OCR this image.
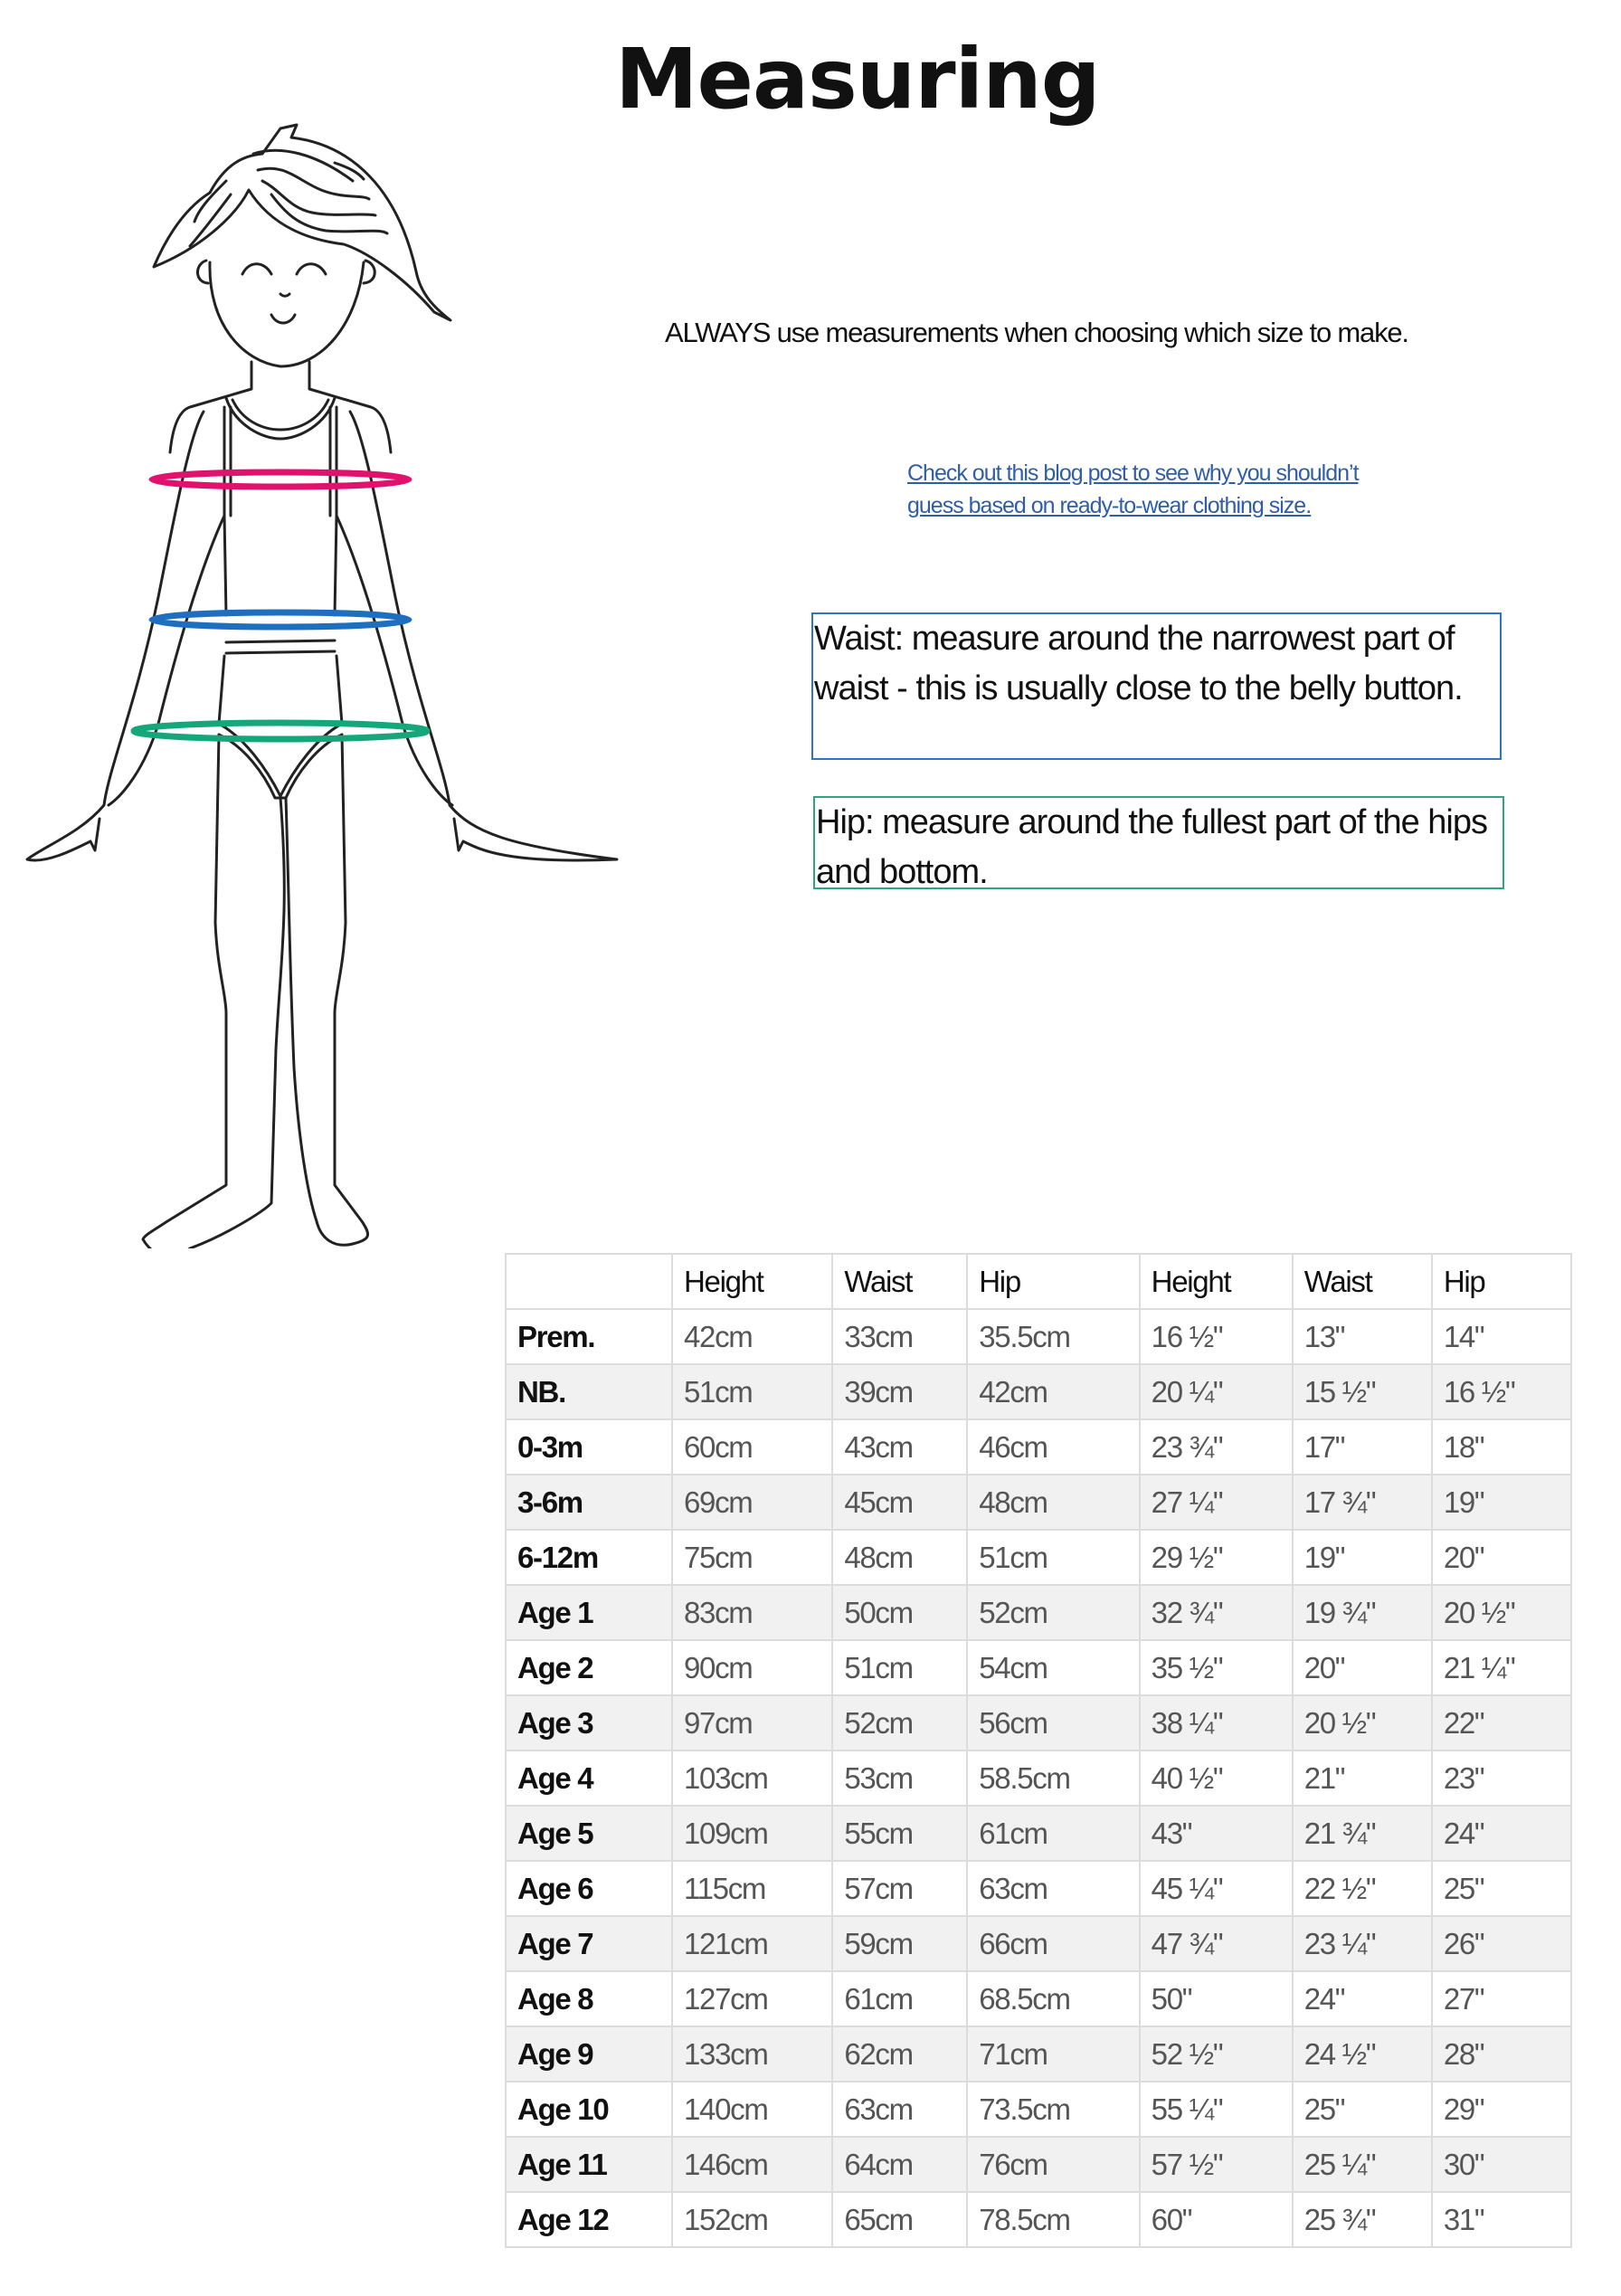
Measuring
ALWAYS use measurements when choosing which size to make.
Check out this blog post to see why you shouldn’t
guess based on ready-to-wear clothing size.
Waist: measure around the narrowest part of waist - this is usually close to the belly button.
Hip: measure around the fullest part of the hips and bottom.
	Height	Waist	Hip	Height	Waist	Hip
Prem.	42cm	33cm	35.5cm	16 ½"	13"	14"
NB.	51cm	39cm	42cm	20 ¼"	15 ½"	16 ½"
0-3m	60cm	43cm	46cm	23 ¾"	17"	18"
3-6m	69cm	45cm	48cm	27 ¼"	17 ¾"	19"
6-12m	75cm	48cm	51cm	29 ½"	19"	20"
Age 1	83cm	50cm	52cm	32 ¾"	19 ¾"	20 ½"
Age 2	90cm	51cm	54cm	35 ½"	20"	21 ¼"
Age 3	97cm	52cm	56cm	38 ¼"	20 ½"	22"
Age 4	103cm	53cm	58.5cm	40 ½"	21"	23"
Age 5	109cm	55cm	61cm	43"	21 ¾"	24"
Age 6	115cm	57cm	63cm	45 ¼"	22 ½"	25"
Age 7	121cm	59cm	66cm	47 ¾"	23 ¼"	26"
Age 8	127cm	61cm	68.5cm	50"	24"	27"
Age 9	133cm	62cm	71cm	52 ½"	24 ½"	28"
Age 10	140cm	63cm	73.5cm	55 ¼"	25"	29"
Age 11	146cm	64cm	76cm	57 ½"	25 ¼"	30"
Age 12	152cm	65cm	78.5cm	60"	25 ¾"	31"
